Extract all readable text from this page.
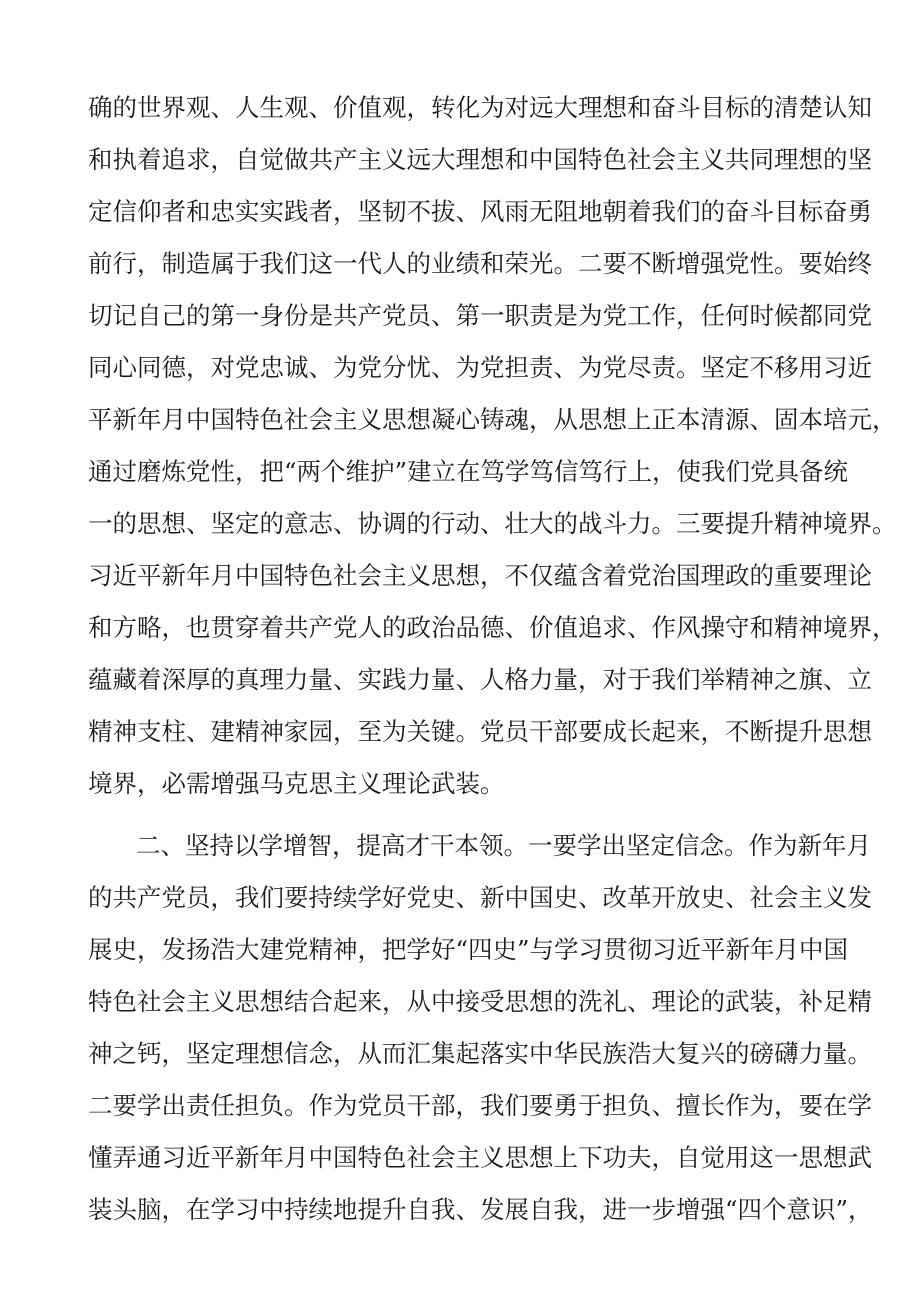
确的世界观、人生观、价值观，转化为对远大理想和奋斗目标的清楚认知
和执着追求，自觉做共产主义远大理想和中国特色社会主义共同理想的坚
定信仰者和忠实实践者，坚韧不拔、风雨无阻地朝着我们的奋斗目标奋勇
前行，制造属于我们这一代人的业绩和荣光。二要不断增强党性。要始终
切记自己的第一身份是共产党员、第一职责是为党工作，任何时候都同党
同心同德，对党忠诚、为党分忧、为党担责、为党尽责。坚定不移用习近
平新年月中国特色社会主义思想凝心铸魂，从思想上正本清源、固本培元，
通过磨炼党性，把“两个维护”建立在笃学笃信笃行上，使我们党具备统
一的思想、坚定的意志、协调的行动、壮大的战斗力。三要提升精神境界。
习近平新年月中国特色社会主义思想，不仅蕴含着党治国理政的重要理论
和方略，也贯穿着共产党人的政治品德、价值追求、作风操守和精神境界，
蕴藏着深厚的真理力量、实践力量、人格力量，对于我们举精神之旗、立
精神支柱、建精神家园，至为关键。党员干部要成长起来，不断提升思想
境界，必需增强马克思主义理论武装。
二、坚持以学增智，提高才干本领。一要学出坚定信念。作为新年月
的共产党员，我们要持续学好党史、新中国史、改革开放史、社会主义发
展史，发扬浩大建党精神，把学好“四史”与学习贯彻习近平新年月中国
特色社会主义思想结合起来，从中接受思想的洗礼、理论的武装，补足精
神之钙，坚定理想信念，从而汇集起落实中华民族浩大复兴的磅礴力量。
二要学出责任担负。作为党员干部，我们要勇于担负、擅长作为，要在学
懂弄通习近平新年月中国特色社会主义思想上下功夫，自觉用这一思想武
装头脑，在学习中持续地提升自我、发展自我，进一步增强“四个意识”，
